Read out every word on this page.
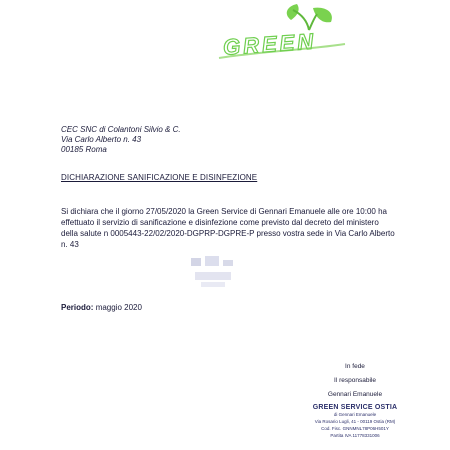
GREEN
CEC SNC di Colantoni Silvio & C.
Via Carlo Alberto n. 43
00185 Roma
DICHIARAZIONE SANIFICAZIONE E DISINFEZIONE
Si dichiara che il giorno 27/05/2020 la Green Service di Gennari Emanuele alle ore 10:00 ha
effettuato il servizio di sanificazione e disinfezione come previsto dal decreto del ministero
della salute n 0005443-22/02/2020-DGPRP-DGPRE-P presso vostra sede in Via Carlo Alberto
n. 43
Periodo: maggio 2020
In fede
Il responsabile
Gennari Emanuele
GREEN SERVICE OSTIA
di Gennari Emanuele
Via Rosario Lugli, 41 - 00119 Ostia (RM)
Cod. Fisc. GNNMNL78P06H501Y
Partita IVA 11778331006
